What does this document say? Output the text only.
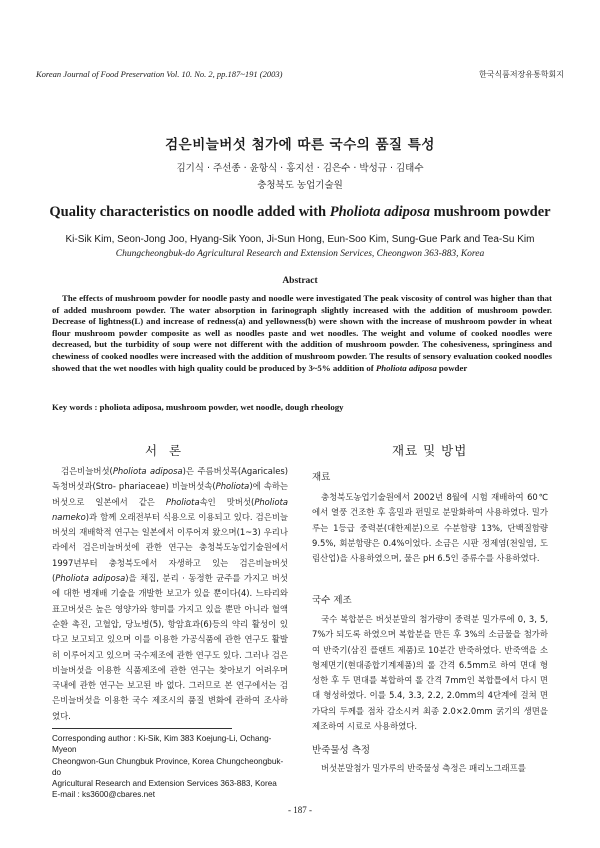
Korean Journal of Food Preservation Vol. 10. No. 2, pp.187~191 (2003)	한국식품저장유통학회지
검은비늘버섯 첨가에 따른 국수의 품질 특성
김기식 · 주선종 · 윤항식 · 홍지선 · 김은수 · 박성규 · 김태수
충청북도 농업기술원
Quality characteristics on noodle added with Pholiota adiposa mushroom powder
Ki-Sik Kim, Seon-Jong Joo, Hyang-Sik Yoon, Ji-Sun Hong, Eun-Soo Kim, Sung-Gue Park and Tea-Su Kim
Chungcheongbuk-do Agricultural Research and Extension Services, Cheongwon 363-883, Korea
Abstract
The effects of mushroom powder for noodle pasty and noodle were investigated The peak viscosity of control was higher than that of added mushroom powder. The water absorption in farinograph slightly increased with the addition of mushroom powder. Decrease of lightness(L) and increase of redness(a) and yellowness(b) were shown with the increase of mushroom powder in wheat flour mushroom powder composite as well as noodles paste and wet noodles. The weight and volume of cooked noodles were decreased, but the turbidity of soup were not different with the addition of mushroom powder. The cohesiveness, springiness and chewiness of cooked noodles were increased with the addition of mushroom powder. The results of sensory evaluation cooked noodles showed that the wet noodles with high quality could be produced by 3~5% addition of Pholiota adiposa powder
Key words : pholiota adiposa, mushroom powder, wet noodle, dough rheology
서 론

검은비늘버섯(Pholiota adiposa)은 주름버섯목(Agaricales) 독청버섯과(Stro- phariaceae) 비늘버섯속(Pholiota)에 속하는 버섯으로 일본에서 같은 Pholiota속인 맛버섯(Pholiota nameko)과 함께 오래전부터 식용으로 이용되고 있다. 검은비늘 버섯의 재배학적 연구는 일본에서 이루어져 왔으며(1~3) 우리나라에서 검은비늘버섯에 관한 연구는 충청북도농업기술원에서 1997년부터 충청북도에서 자생하고 있는 검은비늘버섯(Pholiota adiposa)을 채집, 분리 · 동정한 균주를 가지고 버섯에 대한 병재배 기술을 개발한 보고가 있을 뿐이다(4). 느타리와 표고버섯은 높은 영양가와 향미를 가지고 있을 뿐만 아니라 혈액순환 촉진, 고혈압, 당뇨병(5), 항암효과(6)등의 약리 활성이 있다고 보고되고 있으며 이를 이용한 가공식품에 관한 연구도 활발히 이루어지고 있으며 국수제조에 관한 연구도 있다. 그러나 검은비늘버섯을 이용한 식품제조에 관한 연구는 찾아보기 어려우며 국내에 관한 연구는 보고된 바 없다. 그러므로 본 연구에서는 검은비늘버섯을 이용한 국수 제조시의 품질 변화에 관하여 조사하였다.

Corresponding author : Ki-Sik, Kim 383 Koejung-Li, Ochang-Myeon
Cheongwon-Gun Chungbuk Province, Korea Chungcheongbuk-do
Agricultural Research and Extension Services 363-883, Korea
E-mail : ks3600@cbares.net
재료 및 방법
재료

충청북도농업기술원에서 2002년 8월에 시험 재배하여 60℃에서 열풍 건조한 후 홈밀과 펀밀로 분말화하여 사용하였다. 밀가루는 1등급 중력분(대한제분)으로 수분함량 13%, 단백질함량 9.5%, 회분함량은 0.4%이었다. 소금은 시판 정제염(천일염, 도림산업)을 사용하였으며, 물은 pH 6.5인 증류수를 사용하였다.

국수 제조

국수 복합분은 버섯분말의 첨가량이 중력분 밀가루에 0, 3, 5, 7%가 되도록 하였으며 복합분을 만든 후 3%의 소금물을 첨가하여 반죽기(삼진 플랜트 제품)로 10분간 반죽하였다. 반죽액을 소형제면기(현대종합기계제품)의 롤 간격 6.5mm로 하여 면대 형성한 후 두 면대를 복합하여 롤 간격 7mm인 복합틀에서 다시 면대 형성하였다. 이를 5.4, 3.3, 2.2, 2.0mm의 4단계에 걸쳐 면가닥의 두께를 점차 감소시켜 최종 2.0×2.0mm 굵기의 생면을 제조하여 시료로 사용하였다.

반죽물성 측정

버섯분말첨가 밀가루의 반죽물성 측정은 패리노그래프를

- 187 -
